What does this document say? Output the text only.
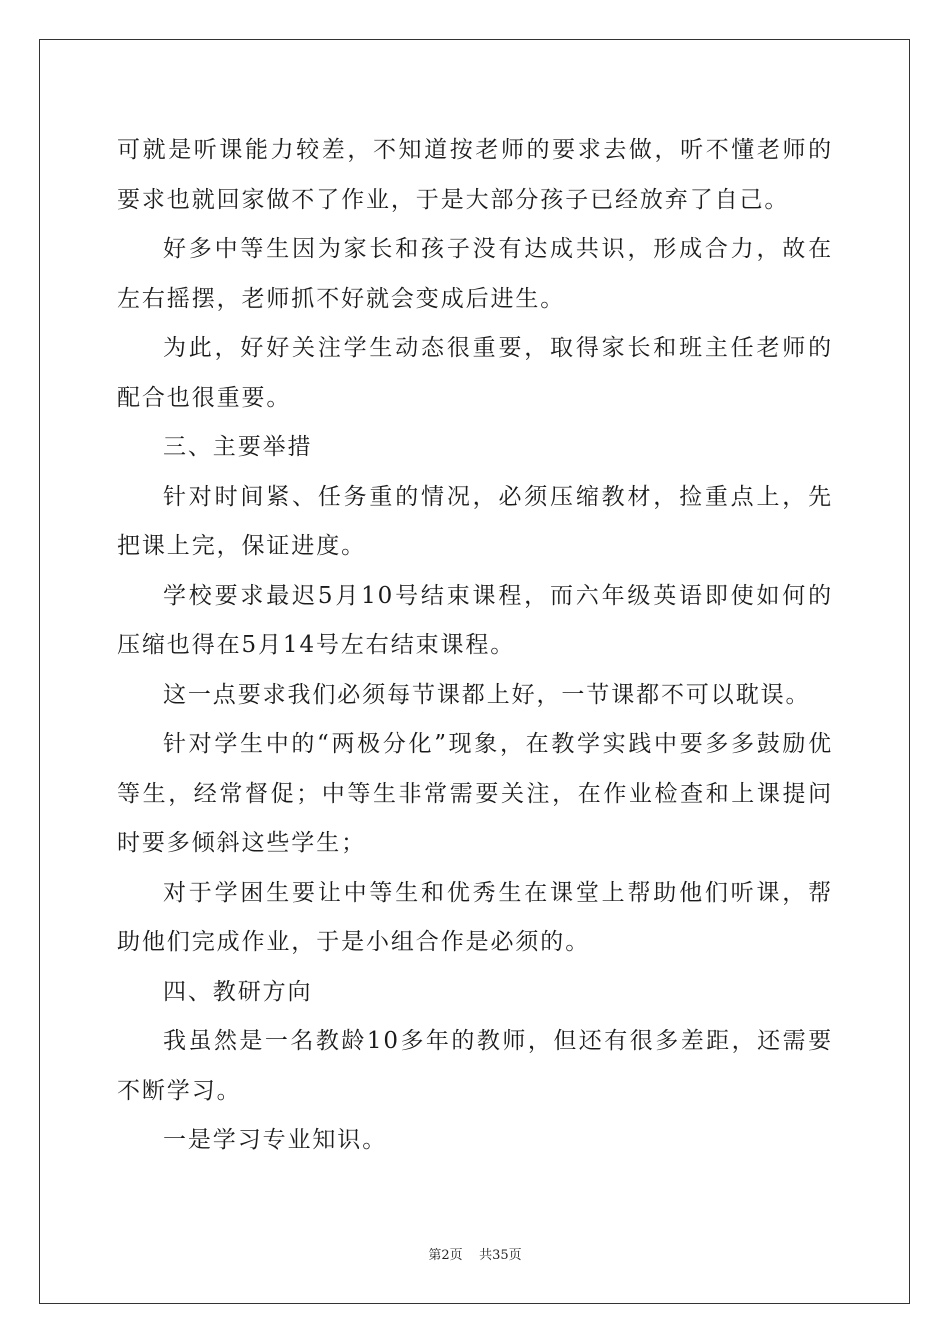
可就是听课能力较差，不知道按老师的要求去做，听不懂老师的要求也就回家做不了作业，于是大部分孩子已经放弃了自己。

好多中等生因为家长和孩子没有达成共识，形成合力，故在左右摇摆，老师抓不好就会变成后进生。

为此，好好关注学生动态很重要，取得家长和班主任老师的配合也很重要。

三、主要举措

针对时间紧、任务重的情况，必须压缩教材，捡重点上，先把课上完，保证进度。

学校要求最迟5月10号结束课程，而六年级英语即使如何的压缩也得在5月14号左右结束课程。

这一点要求我们必须每节课都上好，一节课都不可以耽误。

针对学生中的“两极分化”现象，在教学实践中要多多鼓励优等生，经常督促；中等生非常需要关注，在作业检查和上课提问时要多倾斜这些学生；

对于学困生要让中等生和优秀生在课堂上帮助他们听课，帮助他们完成作业，于是小组合作是必须的。

四、教研方向

我虽然是一名教龄10多年的教师，但还有很多差距，还需要不断学习。

一是学习专业知识。

第2页    共35页
